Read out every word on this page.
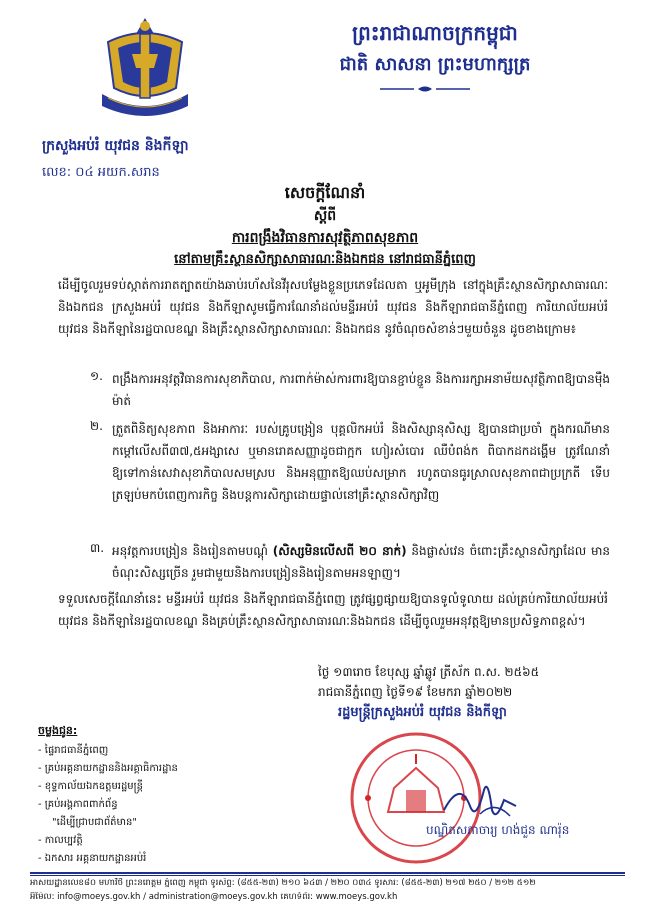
ព្រះរាជាណាចក្រកម្ពុជា
ជាតិ សាសនា ព្រះមហាក្សត្រ
ក្រសួងអប់រំ យុវជន និងកីឡា
លេខ: ០៤ អយក.សរាន
សេចក្តីណែនាំ
ស្តីពី
ការពង្រឹងវិធានការសុវត្ថិភាពសុខភាព
នៅតាមគ្រឹះស្ថានសិក្សាសាធារណៈនិងឯកជន នៅរាជធានីភ្នំពេញ
ដើម្បីចូលរួមទប់ស្កាត់ការរាតត្បាតយ៉ាងឆាប់រហ័សនៃវីរុសបម្លែងខ្លួនប្រភេទដែលតា ឬអូមីក្រុង នៅក្នុងគ្រឹះស្ថានសិក្សាសាធារណៈ និងឯកជន ក្រសួងអប់រំ យុវជន និងកីឡាសូមធ្វើការណែនាំដល់មន្ទីរអប់រំ យុវជន និងកីឡារាជធានីភ្នំពេញ ការិយាល័យអប់រំ យុវជន និងកីឡានៃរដ្ឋបាលខណ្ឌ និងគ្រឹះស្ថានសិក្សាសាធារណៈ និងឯកជន នូវចំណុចសំខាន់ៗមួយចំនួន ដូចខាងក្រោម៖
១. ពង្រឹងការអនុវត្តវិធានការសុខាភិបាល, ការពាក់ម៉ាស់ការពារឱ្យបានខ្ជាប់ខ្ជួន និងការរក្សាអនាម័យសុវត្ថិភាពឱ្យបានម៉ឺងម៉ាត់
២. ត្រួតពិនិត្យសុខភាព និងអាការៈ របស់គ្រូបង្រៀន បុគ្គលិកអប់រំ និងសិស្សានុសិស្ស ឱ្យបានជាប្រចាំ ក្នុងករណីមានកម្តៅលើសពី៣៧,៥អង្សាសេ ឬមានរោគសញ្ញាដូចជាក្អក ហៀរសំបោរ ឈឺបំពង់ក ពិបាកដកដង្ហើម ត្រូវណែនាំឱ្យទៅកាន់សេវាសុខាភិបាលសមស្រប និងអនុញ្ញាតឱ្យឈប់សម្រាក រហូតបានធូរស្រាលសុខភាពជាប្រក្រតី ទើបត្រឡប់មកបំពេញការកិច្ច និងបន្តការសិក្សាដោយផ្ទាល់នៅគ្រឹះស្ថានសិក្សាវិញ
៣. អនុវត្តការបង្រៀន និងរៀនតាមបណ្តុំ (សិស្សមិនលើសពី ២០ នាក់) និងផ្លាស់វេន ចំពោះគ្រឹះស្ថានសិក្សាដែល មានចំណុះសិស្សច្រើន រួមជាមួយនិងការបង្រៀននិងរៀនតាមអនឡាញ។
ទទួលសេចក្តីណែនាំនេះ មន្ទីរអប់រំ យុវជន និងកីឡារាជធានីភ្នំពេញ ត្រូវផ្សព្វផ្សាយឱ្យបានទូលំទូលាយ ដល់គ្រប់ការិយាល័យអប់រំ យុវជន និងកីឡានៃរដ្ឋបាលខណ្ឌ និងគ្រប់គ្រឹះស្ថានសិក្សាសាធារណៈនិងឯកជន ដើម្បីចូលរួមអនុវត្តឱ្យមានប្រសិទ្ធភាពខ្ពស់។
ថ្ងៃ ១៣រោច ខែបុស្ស ឆ្នាំឆ្លូវ ត្រីស័ក ព.ស. ២៥៦៥
រាជធានីភ្នំពេញ ថ្ងៃទី១៩ ខែមករា ឆ្នាំ២០២២
រដ្ឋមន្ត្រីក្រសួងអប់រំ យុវជន និងកីឡា
បណ្ឌិតសភាចារ្យ ហង់ជួន ណារ៉ុន
ចម្លងជូន:
- ផ្ទៃរាជធានីភ្នំពេញ
- គ្រប់អគ្គនាយកដ្ឋាននិងអគ្គាធិការដ្ឋាន
- ខុទ្ទកាល័យឯកឧត្តមរដ្ឋមន្ត្រី
- គ្រប់អង្គភាពពាក់ព័ន្ធ
"ដើម្បីជ្រាបជាព័ត៌មាន"
- កាលប្បវត្តិ
- ឯកសារ អគ្គនាយកដ្ឋានអប់រំ
អាសយដ្ឋានលេខ៨០ មហាវិថី ព្រះនរោត្តម ភ្នំពេញ កម្ពុជា ទូរស័ព្ទ: (៨៥៥-២៣) ២១០ ៦៤៣ / ២២០ ០៣៤ ទូរសារ: (៨៥៥-២៣) ២១៧ ២៥០ / ២១២ ៥១២
អ៊ីម៉ែល: info@moeys.gov.kh / administration@moeys.gov.kh គេហទំព័រ: www.moeys.gov.kh
